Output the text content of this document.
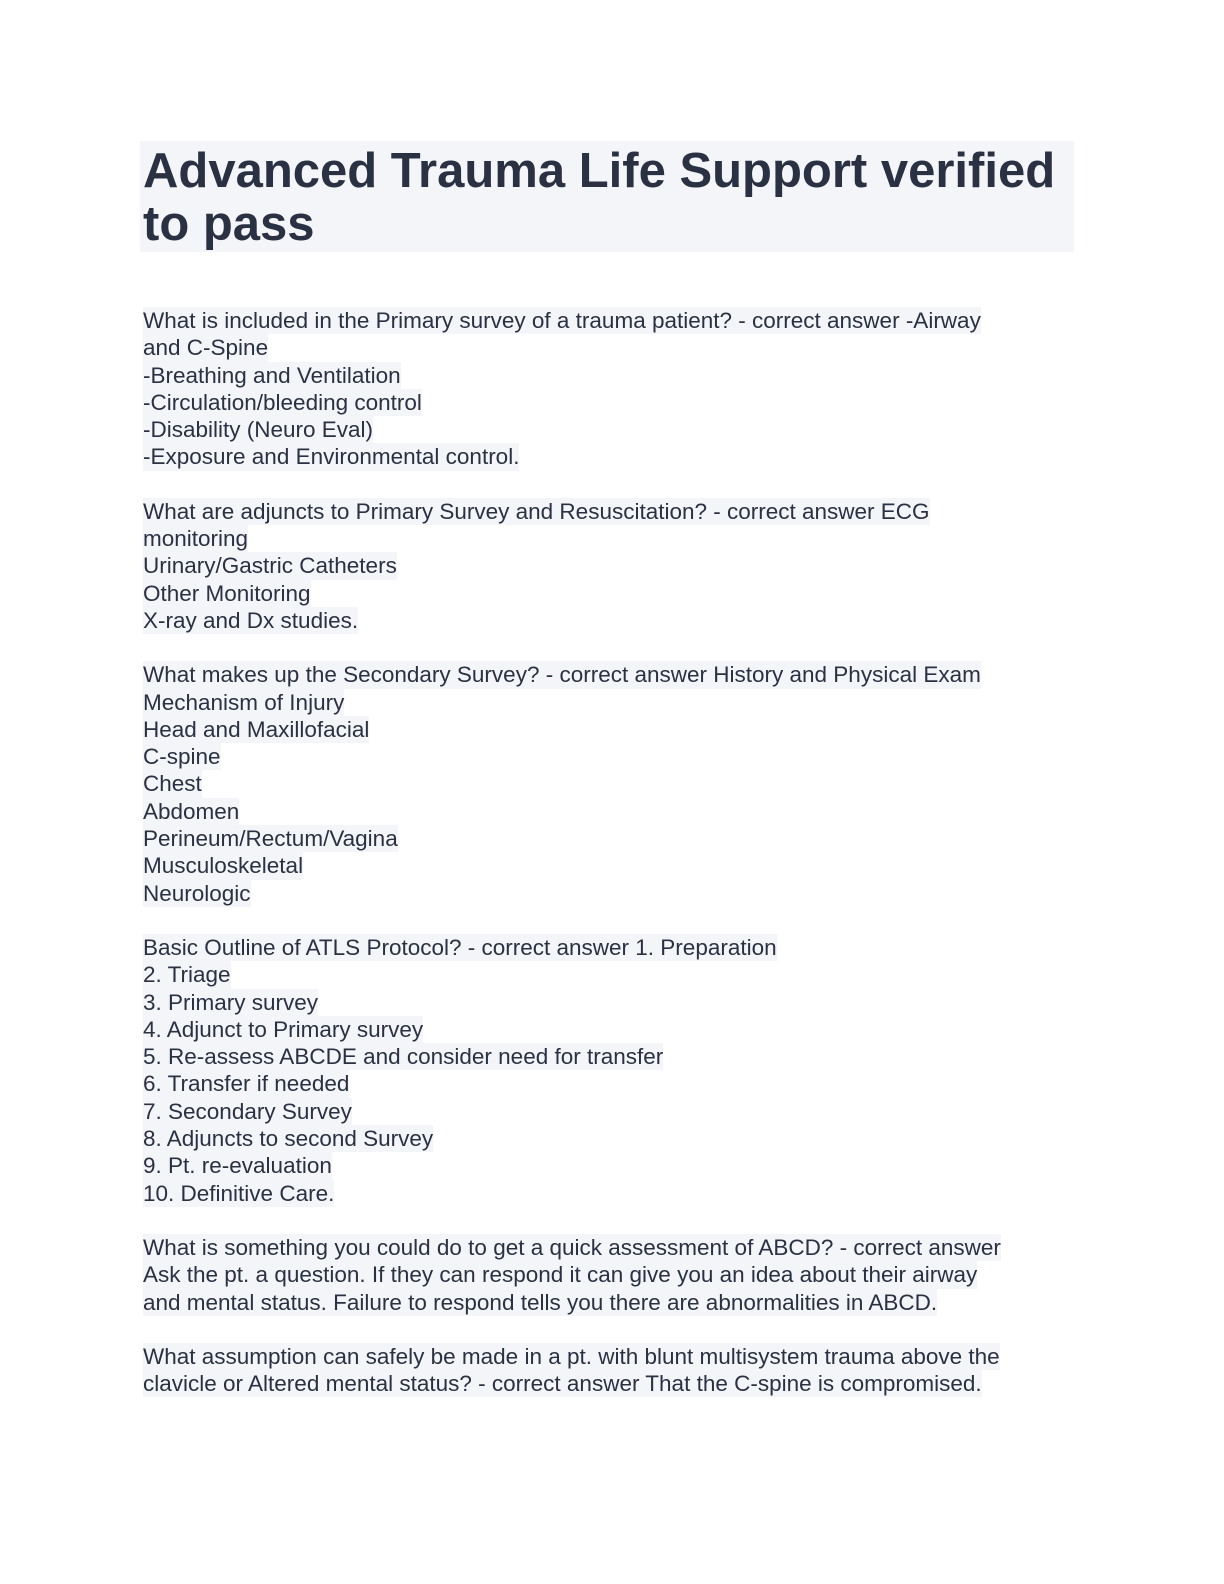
Advanced Trauma Life Support verified
to pass
What is included in the Primary survey of a trauma patient? - correct answer -Airway
and C-Spine
-Breathing and Ventilation
-Circulation/bleeding control
-Disability (Neuro Eval)
-Exposure and Environmental control.
What are adjuncts to Primary Survey and Resuscitation? - correct answer ECG
monitoring
Urinary/Gastric Catheters
Other Monitoring
X-ray and Dx studies.
What makes up the Secondary Survey? - correct answer History and Physical Exam
Mechanism of Injury
Head and Maxillofacial
C-spine
Chest
Abdomen
Perineum/Rectum/Vagina
Musculoskeletal
Neurologic
Basic Outline of ATLS Protocol? - correct answer 1. Preparation
2. Triage
3. Primary survey
4. Adjunct to Primary survey
5. Re-assess ABCDE and consider need for transfer
6. Transfer if needed
7. Secondary Survey
8. Adjuncts to second Survey
9. Pt. re-evaluation
10. Definitive Care.
What is something you could do to get a quick assessment of ABCD? - correct answer
Ask the pt. a question. If they can respond it can give you an idea about their airway
and mental status. Failure to respond tells you there are abnormalities in ABCD.
What assumption can safely be made in a pt. with blunt multisystem trauma above the
clavicle or Altered mental status? - correct answer That the C-spine is compromised.
